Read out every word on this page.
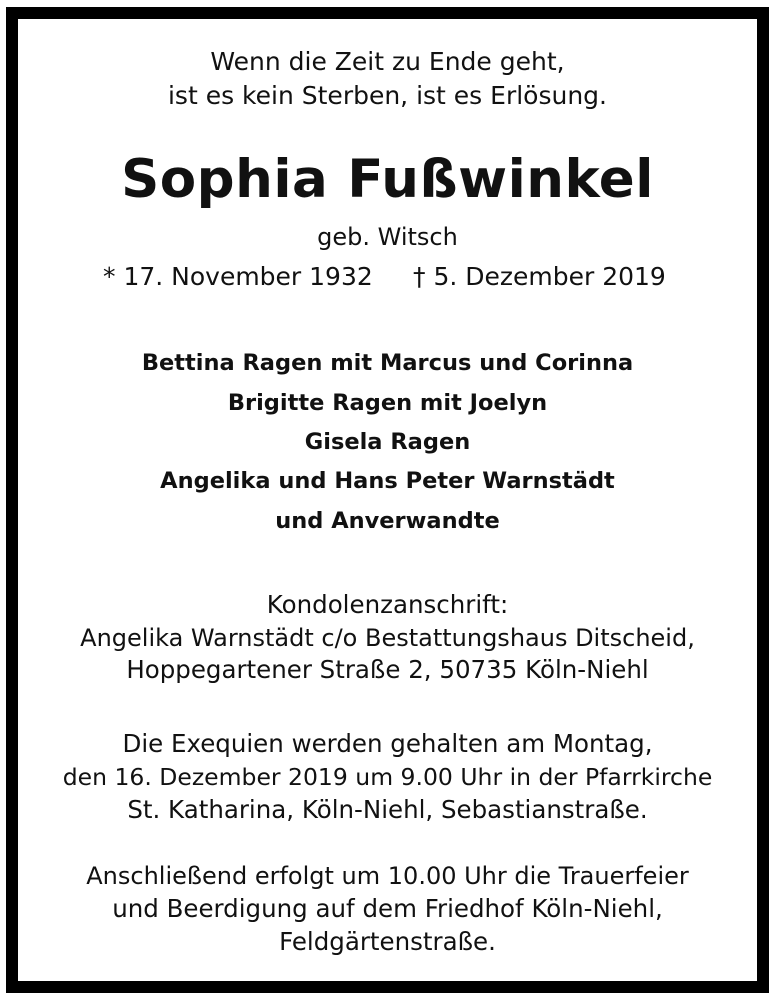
Wenn die Zeit zu Ende geht,
ist es kein Sterben, ist es Erlösung.
Sophia Fußwinkel
geb. Witsch
* 17. November 1932 † 5. Dezember 2019
Bettina Ragen mit Marcus und Corinna
Brigitte Ragen mit Joelyn
Gisela Ragen
Angelika und Hans Peter Warnstädt
und Anverwandte
Kondolenzanschrift:
Angelika Warnstädt c/o Bestattungshaus Ditscheid,
Hoppegartener Straße 2, 50735 Köln-Niehl
Die Exequien werden gehalten am Montag,
den 16. Dezember 2019 um 9.00 Uhr in der Pfarrkirche
St. Katharina, Köln-Niehl, Sebastianstraße.
Anschließend erfolgt um 10.00 Uhr die Trauerfeier
und Beerdigung auf dem Friedhof Köln-Niehl,
Feldgärtenstraße.
